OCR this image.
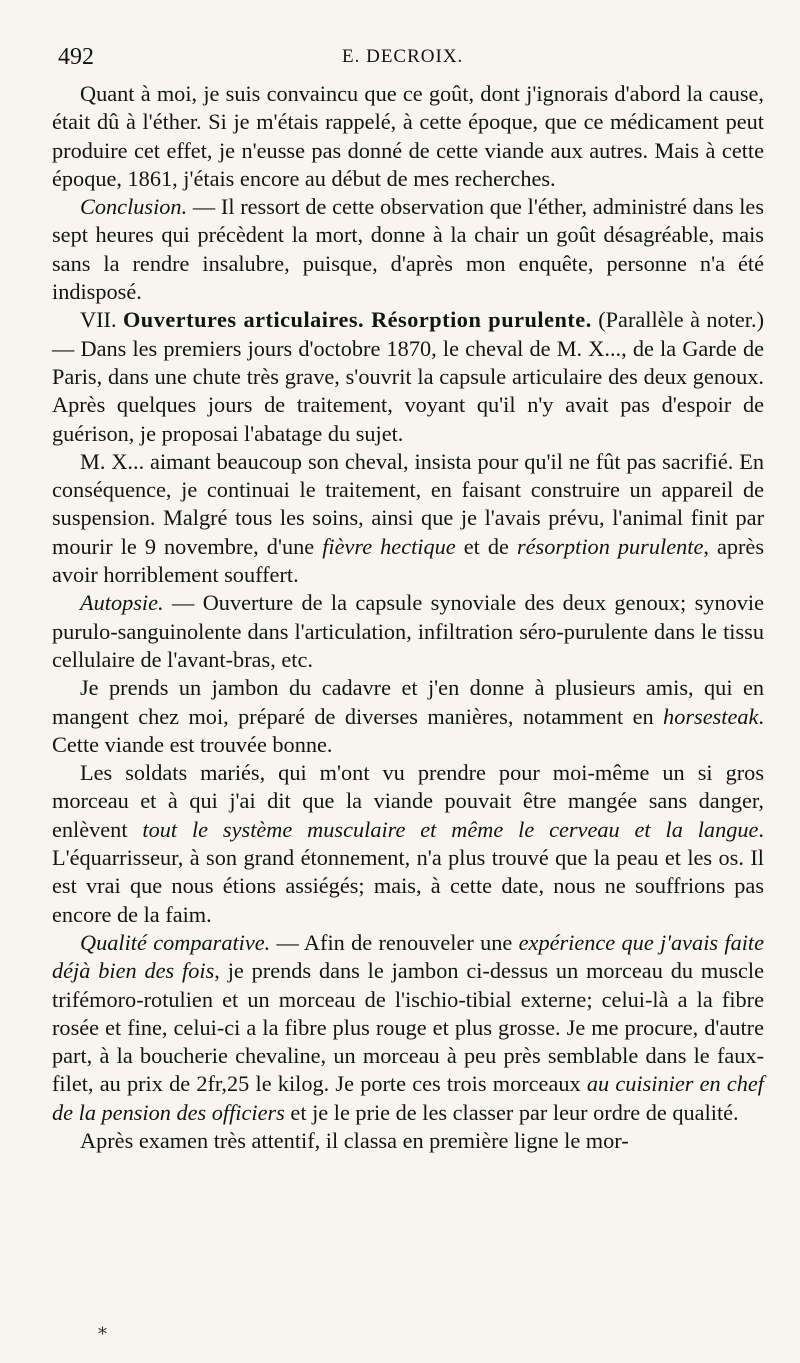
492	E. DECROIX.

Quant à moi, je suis convaincu que ce goût, dont j'ignorais d'abord la cause, était dû à l'éther. Si je m'étais rappelé, à cette époque, que ce médicament peut produire cet effet, je n'eusse pas donné de cette viande aux autres. Mais à cette époque, 1861, j'étais encore au début de mes recherches.

Conclusion. — Il ressort de cette observation que l'éther, administré dans les sept heures qui précèdent la mort, donne à la chair un goût désagréable, mais sans la rendre insalubre, puisque, d'après mon enquête, personne n'a été indisposé.

VII. Ouvertures articulaires. Résorption purulente. (Parallèle à noter.) — Dans les premiers jours d'octobre 1870, le cheval de M. X..., de la Garde de Paris, dans une chute très grave, s'ouvrit la capsule articulaire des deux genoux. Après quelques jours de traitement, voyant qu'il n'y avait pas d'espoir de guérison, je proposai l'abatage du sujet.

M. X... aimant beaucoup son cheval, insista pour qu'il ne fût pas sacrifié. En conséquence, je continuai le traitement, en faisant construire un appareil de suspension. Malgré tous les soins, ainsi que je l'avais prévu, l'animal finit par mourir le 9 novembre, d'une fièvre hectique et de résorption purulente, après avoir horriblement souffert.

Autopsie. — Ouverture de la capsule synoviale des deux genoux; synovie purulo-sanguinolente dans l'articulation, infiltration séro-purulente dans le tissu cellulaire de l'avant-bras, etc.

Je prends un jambon du cadavre et j'en donne à plusieurs amis, qui en mangent chez moi, préparé de diverses manières, notamment en horsesteak. Cette viande est trouvée bonne.

Les soldats mariés, qui m'ont vu prendre pour moi-même un si gros morceau et à qui j'ai dit que la viande pouvait être mangée sans danger, enlèvent tout le système musculaire et même le cerveau et la langue. L'équarrisseur, à son grand étonnement, n'a plus trouvé que la peau et les os. Il est vrai que nous étions assiégés; mais, à cette date, nous ne souffrions pas encore de la faim.

Qualité comparative. — Afin de renouveler une expérience que j'avais faite déjà bien des fois, je prends dans le jambon ci-dessus un morceau du muscle trifémoro-rotulien et un morceau de l'ischio-tibial externe; celui-là a la fibre rosée et fine, celui-ci a la fibre plus rouge et plus grosse. Je me procure, d'autre part, à la boucherie chevaline, un morceau à peu près semblable dans le faux-filet, au prix de 2fr,25 le kilog. Je porte ces trois morceaux au cuisinier en chef de la pension des officiers et je le prie de les classer par leur ordre de qualité.

Après examen très attentif, il classa en première ligne le mor-

*
